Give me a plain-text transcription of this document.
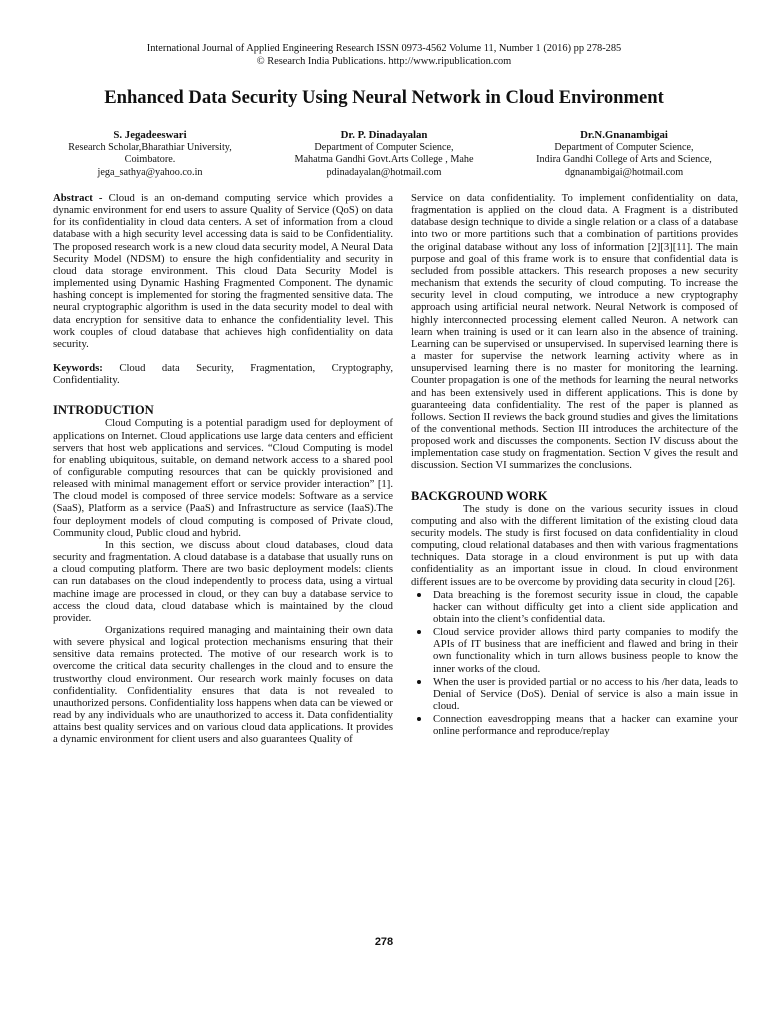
International Journal of Applied Engineering Research ISSN 0973-4562 Volume 11, Number 1 (2016) pp 278-285
© Research India Publications. http://www.ripublication.com
Enhanced Data Security Using Neural Network in Cloud Environment
S. Jegadeeswari
Research Scholar,Bharathiar University,
Coimbatore.
jega_sathya@yahoo.co.in
Dr. P. Dinadayalan
Department of Computer Science,
Mahatma Gandhi Govt.Arts College , Mahe
pdinadayalan@hotmail.com
Dr.N.Gnanambigai
Department of Computer Science,
Indira Gandhi College of Arts and Science,
dgnanambigai@hotmail.com

Abstract - Cloud is an on-demand computing service which provides a dynamic environment for end users to assure Quality of Service (QoS) on data for its confidentiality in cloud data centers. A set of information from a cloud database with a high security level accessing data is said to be Confidentiality. The proposed research work is a new cloud data security model, A Neural Data Security Model (NDSM) to ensure the high confidentiality and security in cloud data storage environment. This cloud Data Security Model is implemented using Dynamic Hashing Fragmented Component. The dynamic hashing concept is implemented for storing the fragmented sensitive data. The neural cryptographic algorithm is used in the data security model to deal with data encryption for sensitive data to enhance the confidentiality level. This work couples of cloud database that achieves high confidentiality on data security.

Keywords: Cloud data Security, Fragmentation, Cryptography, Confidentiality.

INTRODUCTION

Cloud Computing is a potential paradigm used for deployment of applications on Internet. Cloud applications use large data centers and efficient servers that host web applications and services. “Cloud Computing is model for enabling ubiquitous, suitable, on demand network access to a shared pool of configurable computing resources that can be quickly provisioned and released with minimal management effort or service provider interaction” [1]. The cloud model is composed of three service models: Software as a service (SaaS), Platform as a service (PaaS) and Infrastructure as service (IaaS).The four deployment models of cloud computing is composed of Private cloud, Community cloud, Public cloud and hybrid.

In this section, we discuss about cloud databases, cloud data security and fragmentation. A cloud database is a database that usually runs on a cloud computing platform. There are two basic deployment models: clients can run databases on the cloud independently to process data, using a virtual machine image are processed in cloud, or they can buy a database service to access the cloud data, cloud database which is maintained by the cloud provider.

Organizations required managing and maintaining their own data with severe physical and logical protection mechanisms ensuring that their sensitive data remains protected. The motive of our research work is to overcome the critical data security challenges in the cloud and to ensure the trustworthy cloud environment. Our research work mainly focuses on data confidentiality. Confidentiality ensures that data is not revealed to unauthorized persons. Confidentiality loss happens when data can be viewed or read by any individuals who are unauthorized to access it. Data confidentiality attains best quality services and on various cloud data applications. It provides a dynamic environment for client users and also guarantees Quality of

Service on data confidentiality. To implement confidentiality on data, fragmentation is applied on the cloud data. A Fragment is a distributed database design technique to divide a single relation or a class of a database into two or more partitions such that a combination of partitions provides the original database without any loss of information [2][3][11]. The main purpose and goal of this frame work is to ensure that confidential data is secluded from possible attackers. This research proposes a new security mechanism that extends the security of cloud computing. To increase the security level in cloud computing, we introduce a new cryptography approach using artificial neural network. Neural Network is composed of highly interconnected processing element called Neuron. A network can learn when training is used or it can learn also in the absence of training. Learning can be supervised or unsupervised. In supervised learning there is a master for supervise the network learning activity where as in unsupervised learning there is no master for monitoring the learning. Counter propagation is one of the methods for learning the neural networks and has been extensively used in different applications. This is done by guaranteeing data confidentiality. The rest of the paper is planned as follows. Section II reviews the back ground studies and gives the limitations of the conventional methods. Section III introduces the architecture of the proposed work and discusses the components. Section IV discuss about the implementation case study on fragmentation. Section V gives the result and discussion. Section VI summarizes the conclusions.

BACKGROUND WORK

The study is done on the various security issues in cloud computing and also with the different limitation of the existing cloud data security models. The study is first focused on data confidentiality in cloud computing, cloud relational databases and then with various fragmentations techniques. Data storage in a cloud environment is put up with data confidentiality as an important issue in cloud. In cloud environment different issues are to be overcome by providing data security in cloud [26].

Data breaching is the foremost security issue in cloud, the capable hacker can without difficulty get into a client side application and obtain into the client’s confidential data.
Cloud service provider allows third party companies to modify the APIs of IT business that are inefficient and flawed and bring in their own functionality which in turn allows business people to know the inner works of the cloud.
When the user is provided partial or no access to his /her data, leads to Denial of Service (DoS). Denial of service is also a main issue in cloud.
Connection eavesdropping means that a hacker can examine your online performance and reproduce/replay
278
